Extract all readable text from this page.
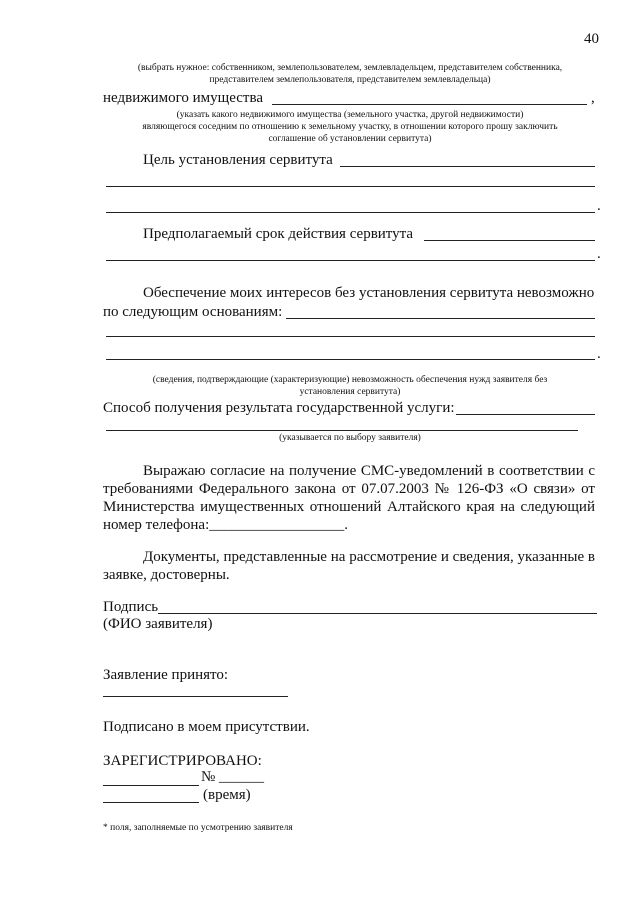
40
(выбрать нужное: собственником, землепользователем, землевладельцем, представителем собственника,
представителем землепользователя, представителем землевладельца)
недвижимого имущества	,
(указать какого недвижимого имущества (земельного участка, другой недвижимости)
являющегося соседним по отношению к земельному участку, в отношении которого прошу заключить
соглашение об установлении сервитута)
Цель установления сервитута
.
Предполагаемый срок действия сервитута
.
Обеспечение моих интересов без установления сервитута невозможно
по следующим основаниям:
.
(сведения, подтверждающие (характеризующие) невозможность обеспечения нужд заявителя без
установления сервитута)
Способ получения результата государственной услуги:
(указывается по выбору заявителя)
Выражаю согласие на получение СМС-уведомлений в соответствии с
требованиями Федерального закона от 07.07.2003 № 126-ФЗ «О связи» от
Министерства имущественных отношений Алтайского края на следующий
номер телефона:__________________.
Документы, представленные на рассмотрение и сведения, указанные в
заявке, достоверны.
Подпись
(ФИО заявителя)
Заявление принято:
Подписано в моем присутствии.
ЗАРЕГИСТРИРОВАНО:
№ ______
(время)
* поля, заполняемые по усмотрению заявителя
